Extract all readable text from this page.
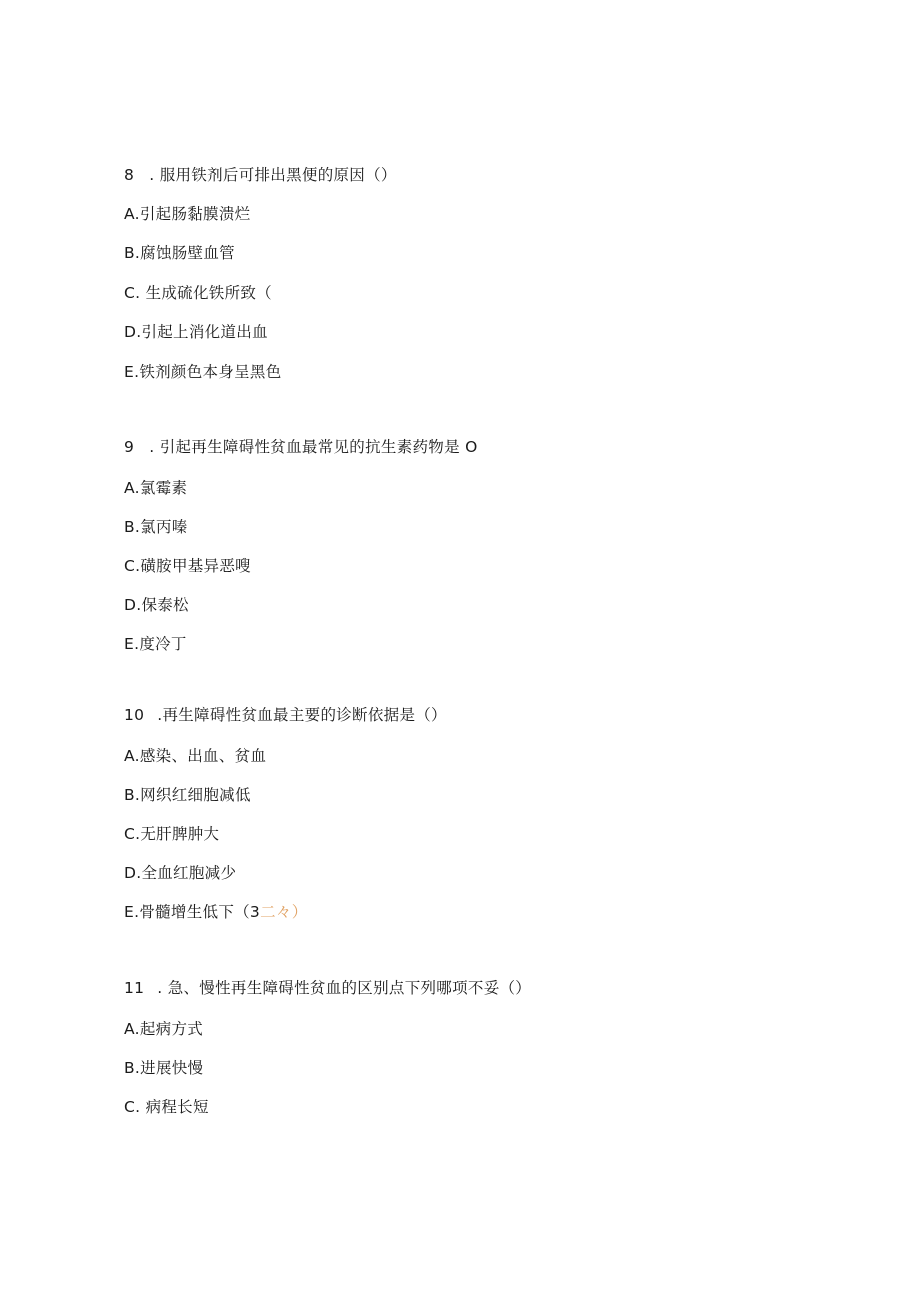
8 . 服用铁剂后可排出黑便的原因（）
A.引起肠黏膜溃烂
B.腐蚀肠壁血管
C. 生成硫化铁所致（
D.引起上消化道出血
E.铁剂颜色本身呈黑色
9 . 引起再生障碍性贫血最常见的抗生素药物是 O
A.氯霉素
B.氯丙嗪
C.磺胺甲基异恶嗖
D.保泰松
E.度冷丁
10 .再生障碍性贫血最主要的诊断依据是（）
A.感染、出血、贫血
B.网织红细胞减低
C.无肝脾肿大
D.全血红胞减少
E.骨髓增生低下（3二々）
11 . 急、慢性再生障碍性贫血的区别点下列哪项不妥（）
A.起病方式
B.进展快慢
C. 病程长短
